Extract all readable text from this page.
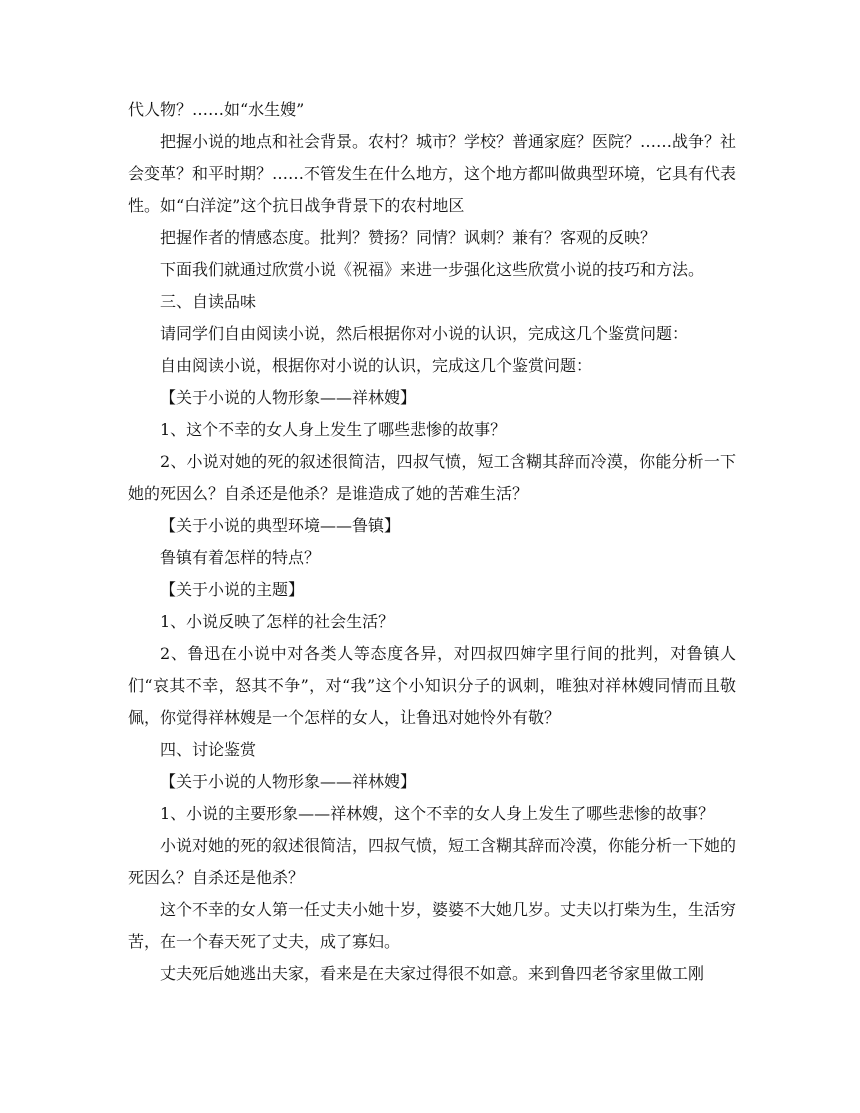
代人物？……如“水生嫂”

把握小说的地点和社会背景。农村？城市？学校？普通家庭？医院？……战争？社会变革？和平时期？……不管发生在什么地方，这个地方都叫做典型环境，它具有代表性。如“白洋淀”这个抗日战争背景下的农村地区

把握作者的情感态度。批判？赞扬？同情？讽刺？兼有？客观的反映？

下面我们就通过欣赏小说《祝福》来进一步强化这些欣赏小说的技巧和方法。

三、自读品味

请同学们自由阅读小说，然后根据你对小说的认识，完成这几个鉴赏问题：

自由阅读小说，根据你对小说的认识，完成这几个鉴赏问题：

【关于小说的人物形象——祥林嫂】

1、这个不幸的女人身上发生了哪些悲惨的故事？

2、小说对她的死的叙述很简洁，四叔气愤，短工含糊其辞而冷漠，你能分析一下她的死因么？自杀还是他杀？是谁造成了她的苦难生活？

【关于小说的典型环境——鲁镇】

鲁镇有着怎样的特点？

【关于小说的主题】

1、小说反映了怎样的社会生活？

2、鲁迅在小说中对各类人等态度各异，对四叔四婶字里行间的批判，对鲁镇人们“哀其不幸，怒其不争”，对“我”这个小知识分子的讽刺，唯独对祥林嫂同情而且敬佩，你觉得祥林嫂是一个怎样的女人，让鲁迅对她怜外有敬？

四、讨论鉴赏

【关于小说的人物形象——祥林嫂】

1、小说的主要形象——祥林嫂，这个不幸的女人身上发生了哪些悲惨的故事？

小说对她的死的叙述很简洁，四叔气愤，短工含糊其辞而冷漠，你能分析一下她的死因么？自杀还是他杀？

这个不幸的女人第一任丈夫小她十岁，婆婆不大她几岁。丈夫以打柴为生，生活穷苦，在一个春天死了丈夫，成了寡妇。

丈夫死后她逃出夫家，看来是在夫家过得很不如意。来到鲁四老爷家里做工刚
